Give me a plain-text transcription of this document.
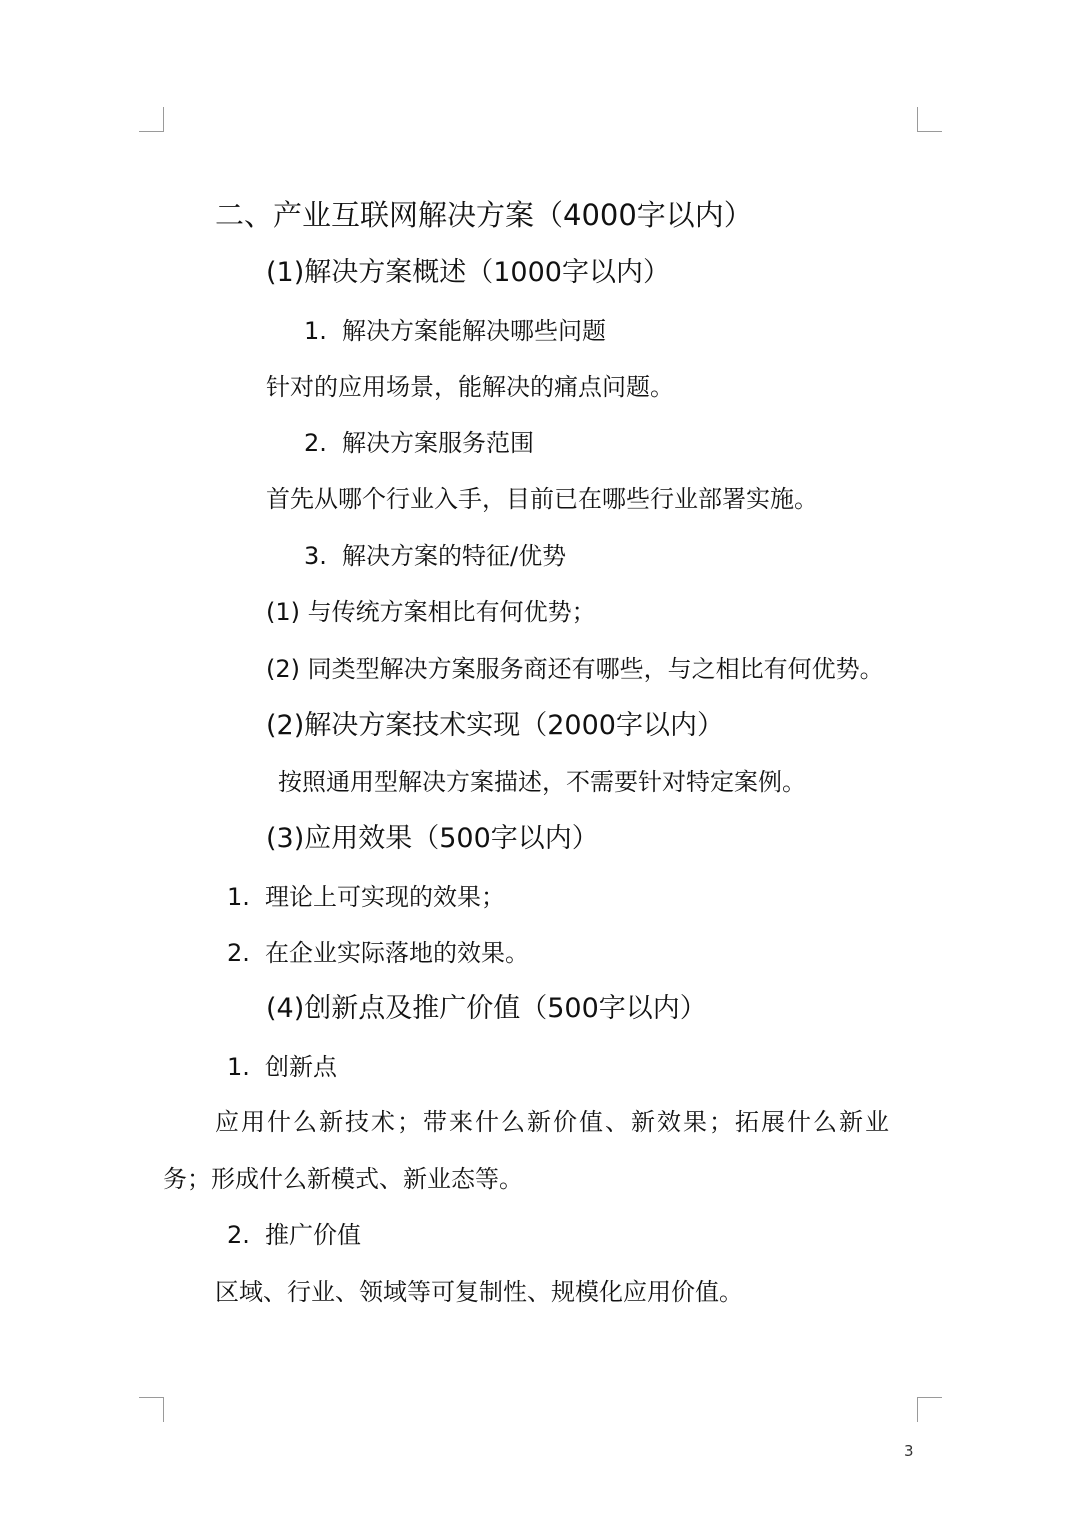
二、产业互联网解决方案（4000字以内）
(1)解决方案概述（1000字以内）
1. 解决方案能解决哪些问题
针对的应用场景，能解决的痛点问题。
2. 解决方案服务范围
首先从哪个行业入手，目前已在哪些行业部署实施。
3. 解决方案的特征/优势
(1) 与传统方案相比有何优势；
(2) 同类型解决方案服务商还有哪些，与之相比有何优势。
(2)解决方案技术实现（2000字以内）
按照通用型解决方案描述，不需要针对特定案例。
(3)应用效果（500字以内）
1. 理论上可实现的效果；
2. 在企业实际落地的效果。
(4)创新点及推广价值（500字以内）
1. 创新点
应用什么新技术；带来什么新价值、新效果；拓展什么新业
务；形成什么新模式、新业态等。
2. 推广价值
区域、行业、领域等可复制性、规模化应用价值。
3
